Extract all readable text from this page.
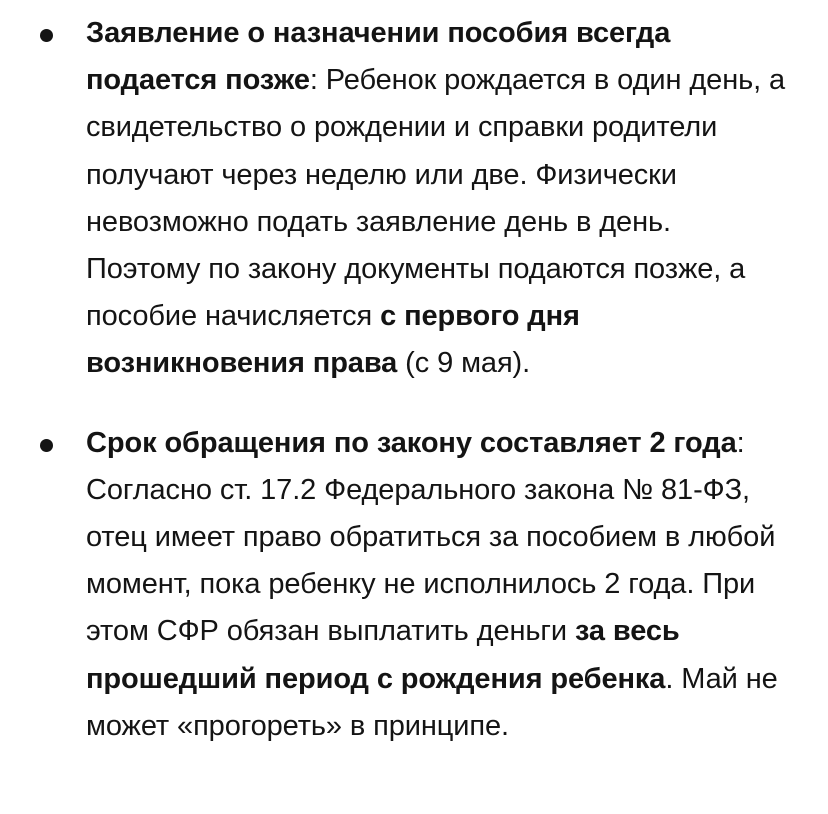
Заявление о назначении пособия всегда подается позже: Ребенок рождается в один день, а свидетельство о рождении и справки родители получают через неделю или две. Физически невозможно подать заявление день в день. Поэтому по закону документы подаются позже, а пособие начисляется с первого дня возникновения права (с 9 мая).
Срок обращения по закону составляет 2 года: Согласно ст. 17.2 Федерального закона № 81-ФЗ, отец имеет право обратиться за пособием в любой момент, пока ребенку не исполнилось 2 года. При этом СФР обязан выплатить деньги за весь прошедший период с рождения ребенка. Май не может «прогореть» в принципе.
